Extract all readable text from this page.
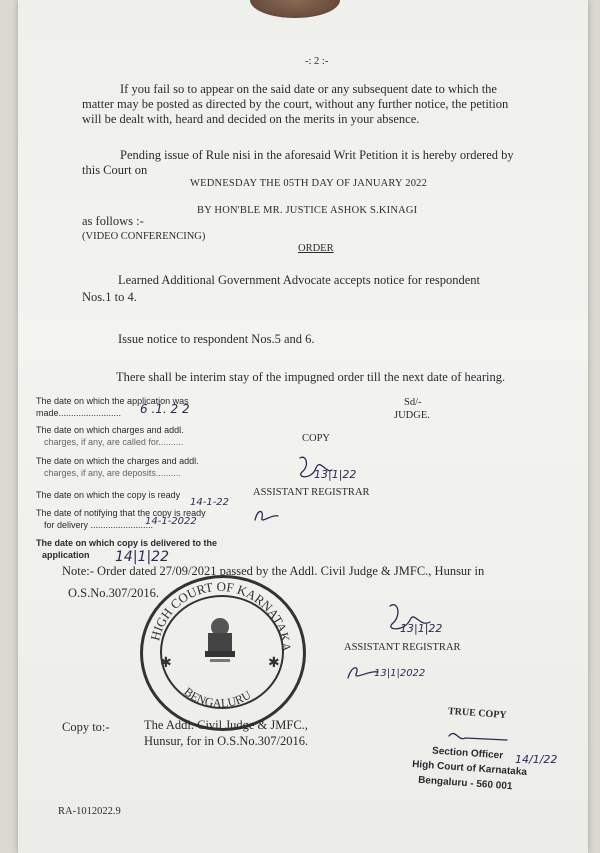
-: 2 :-
If you fail so to appear on the said date or any subsequent date to which the
matter may be posted as directed by the court, without any further notice, the petition
will be dealt with, heard and decided on the merits in your absence.
Pending issue of Rule nisi in the aforesaid Writ Petition it is hereby ordered by
this Court on
WEDNESDAY THE 05TH DAY OF JANUARY 2022
BY HON'BLE MR. JUSTICE ASHOK S.KINAGI
as follows :-
(VIDEO CONFERENCING)
ORDER
Learned Additional Government Advocate accepts notice for respondent
Nos.1 to 4.
Issue notice to respondent Nos.5 and 6.
There shall be interim stay of the impugned order till the next date of hearing.
Sd/-
JUDGE.
The date on which the application was
made......................... 6 .1. 2 2
The date on which charges and addl.
charges, if any, are called for..........	COPY
The date on which the charges and addl.
charges, if any, are deposits..........
The date on which the copy is ready
14-1-22
ASSISTANT REGISTRAR
The date of notifying that the copy is ready
for delivery .........................
14-1-2022
The date on which copy is delivered to the
application 14|1|22
13|1|22
Note:- Order dated 27/09/2021 passed by the Addl. Civil Judge & JMFC., Hunsur in
O.S.No.307/2016.
HIGH COURT OF KARNATAKA
BENGALURU
✱	✱
13|1|22
ASSISTANT REGISTRAR
13|1|2022
TRUE COPY
Copy to:-	The Addl. Civil Judge & JMFC.,
Hunsur, for in O.S.No.307/2016.
Section Officer 14/1/22
High Court of Karnataka
Bengaluru - 560 001
RA-1012022.9
